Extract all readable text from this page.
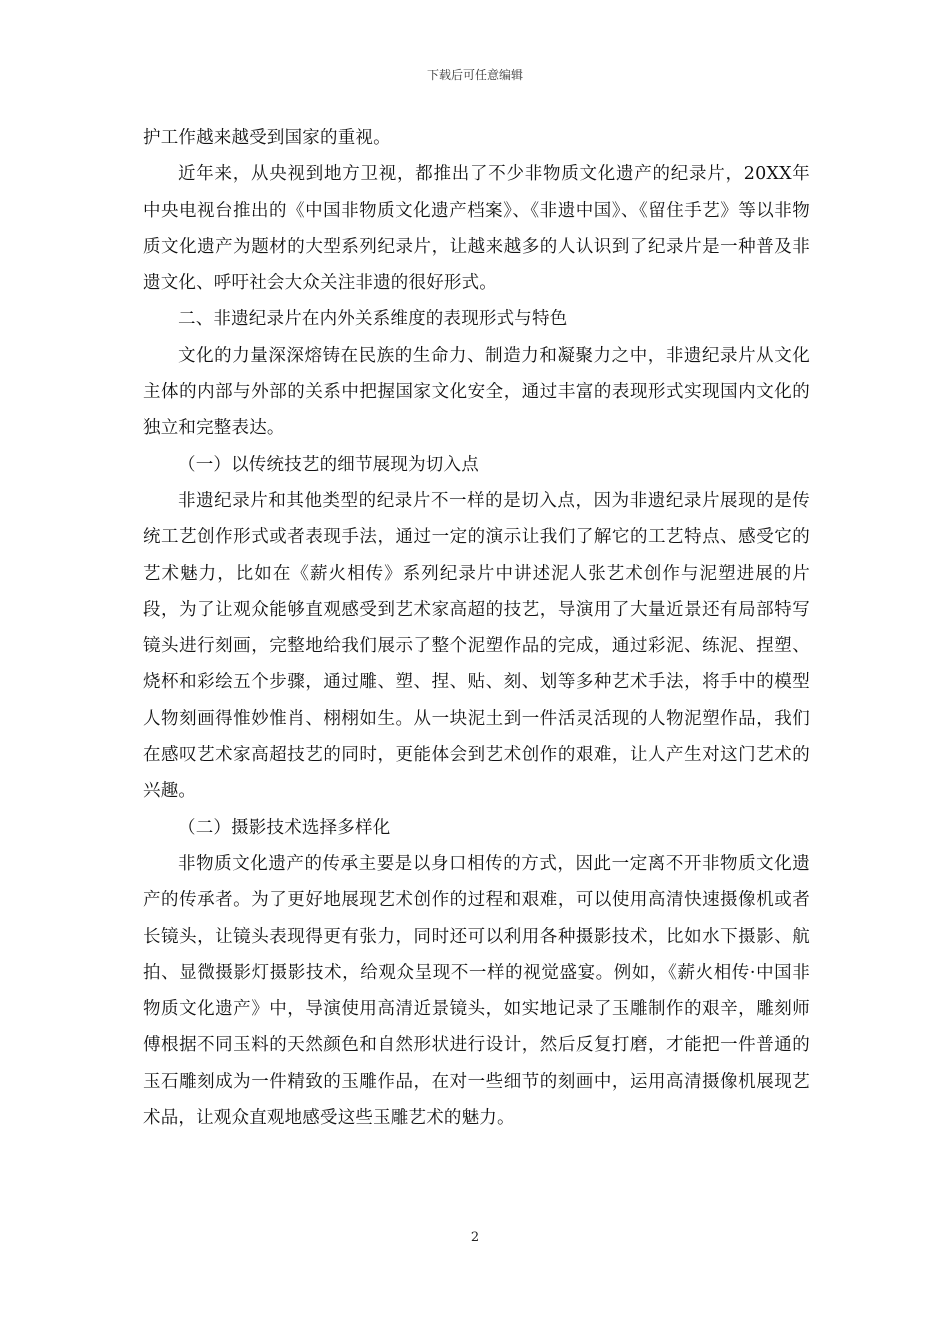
下载后可任意编辑

护工作越来越受到国家的重视。

近年来，从央视到地方卫视，都推出了不少非物质文化遗产的纪录片，20XX年中央电视台推出的《中国非物质文化遗产档案》、《非遗中国》、《留住手艺》等以非物质文化遗产为题材的大型系列纪录片，让越来越多的人认识到了纪录片是一种普及非遗文化、呼吁社会大众关注非遗的很好形式。

二、非遗纪录片在内外关系维度的表现形式与特色

文化的力量深深熔铸在民族的生命力、制造力和凝聚力之中，非遗纪录片从文化主体的内部与外部的关系中把握国家文化安全，通过丰富的表现形式实现国内文化的独立和完整表达。

（一）以传统技艺的细节展现为切入点

非遗纪录片和其他类型的纪录片不一样的是切入点，因为非遗纪录片展现的是传统工艺创作形式或者表现手法，通过一定的演示让我们了解它的工艺特点、感受它的艺术魅力，比如在《薪火相传》系列纪录片中讲述泥人张艺术创作与泥塑进展的片段，为了让观众能够直观感受到艺术家高超的技艺，导演用了大量近景还有局部特写镜头进行刻画，完整地给我们展示了整个泥塑作品的完成，通过彩泥、练泥、捏塑、烧杯和彩绘五个步骤，通过雕、塑、捏、贴、刻、划等多种艺术手法，将手中的模型人物刻画得惟妙惟肖、栩栩如生。从一块泥土到一件活灵活现的人物泥塑作品，我们在感叹艺术家高超技艺的同时，更能体会到艺术创作的艰难，让人产生对这门艺术的兴趣。

（二）摄影技术选择多样化

非物质文化遗产的传承主要是以身口相传的方式，因此一定离不开非物质文化遗产的传承者。为了更好地展现艺术创作的过程和艰难，可以使用高清快速摄像机或者长镜头，让镜头表现得更有张力，同时还可以利用各种摄影技术，比如水下摄影、航拍、显微摄影灯摄影技术，给观众呈现不一样的视觉盛宴。例如，《薪火相传·中国非物质文化遗产》中，导演使用高清近景镜头，如实地记录了玉雕制作的艰辛，雕刻师傅根据不同玉料的天然颜色和自然形状进行设计，然后反复打磨，才能把一件普通的玉石雕刻成为一件精致的玉雕作品，在对一些细节的刻画中，运用高清摄像机展现艺术品，让观众直观地感受这些玉雕艺术的魅力。

2
